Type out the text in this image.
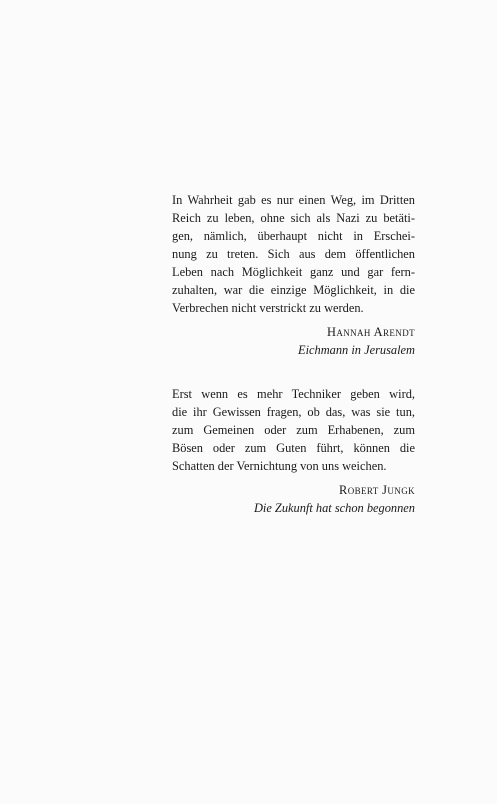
In Wahrheit gab es nur einen Weg, im Dritten
Reich zu leben, ohne sich als Nazi zu betäti-
gen, nämlich, überhaupt nicht in Erschei-
nung zu treten. Sich aus dem öffentlichen
Leben nach Möglichkeit ganz und gar fern-
zuhalten, war die einzige Möglichkeit, in die
Verbrechen nicht verstrickt zu werden.
Hannah Arendt
Eichmann in Jerusalem
Erst wenn es mehr Techniker geben wird,
die ihr Gewissen fragen, ob das, was sie tun,
zum Gemeinen oder zum Erhabenen, zum
Bösen oder zum Guten führt, können die
Schatten der Vernichtung von uns weichen.
Robert Jungk
Die Zukunft hat schon begonnen
